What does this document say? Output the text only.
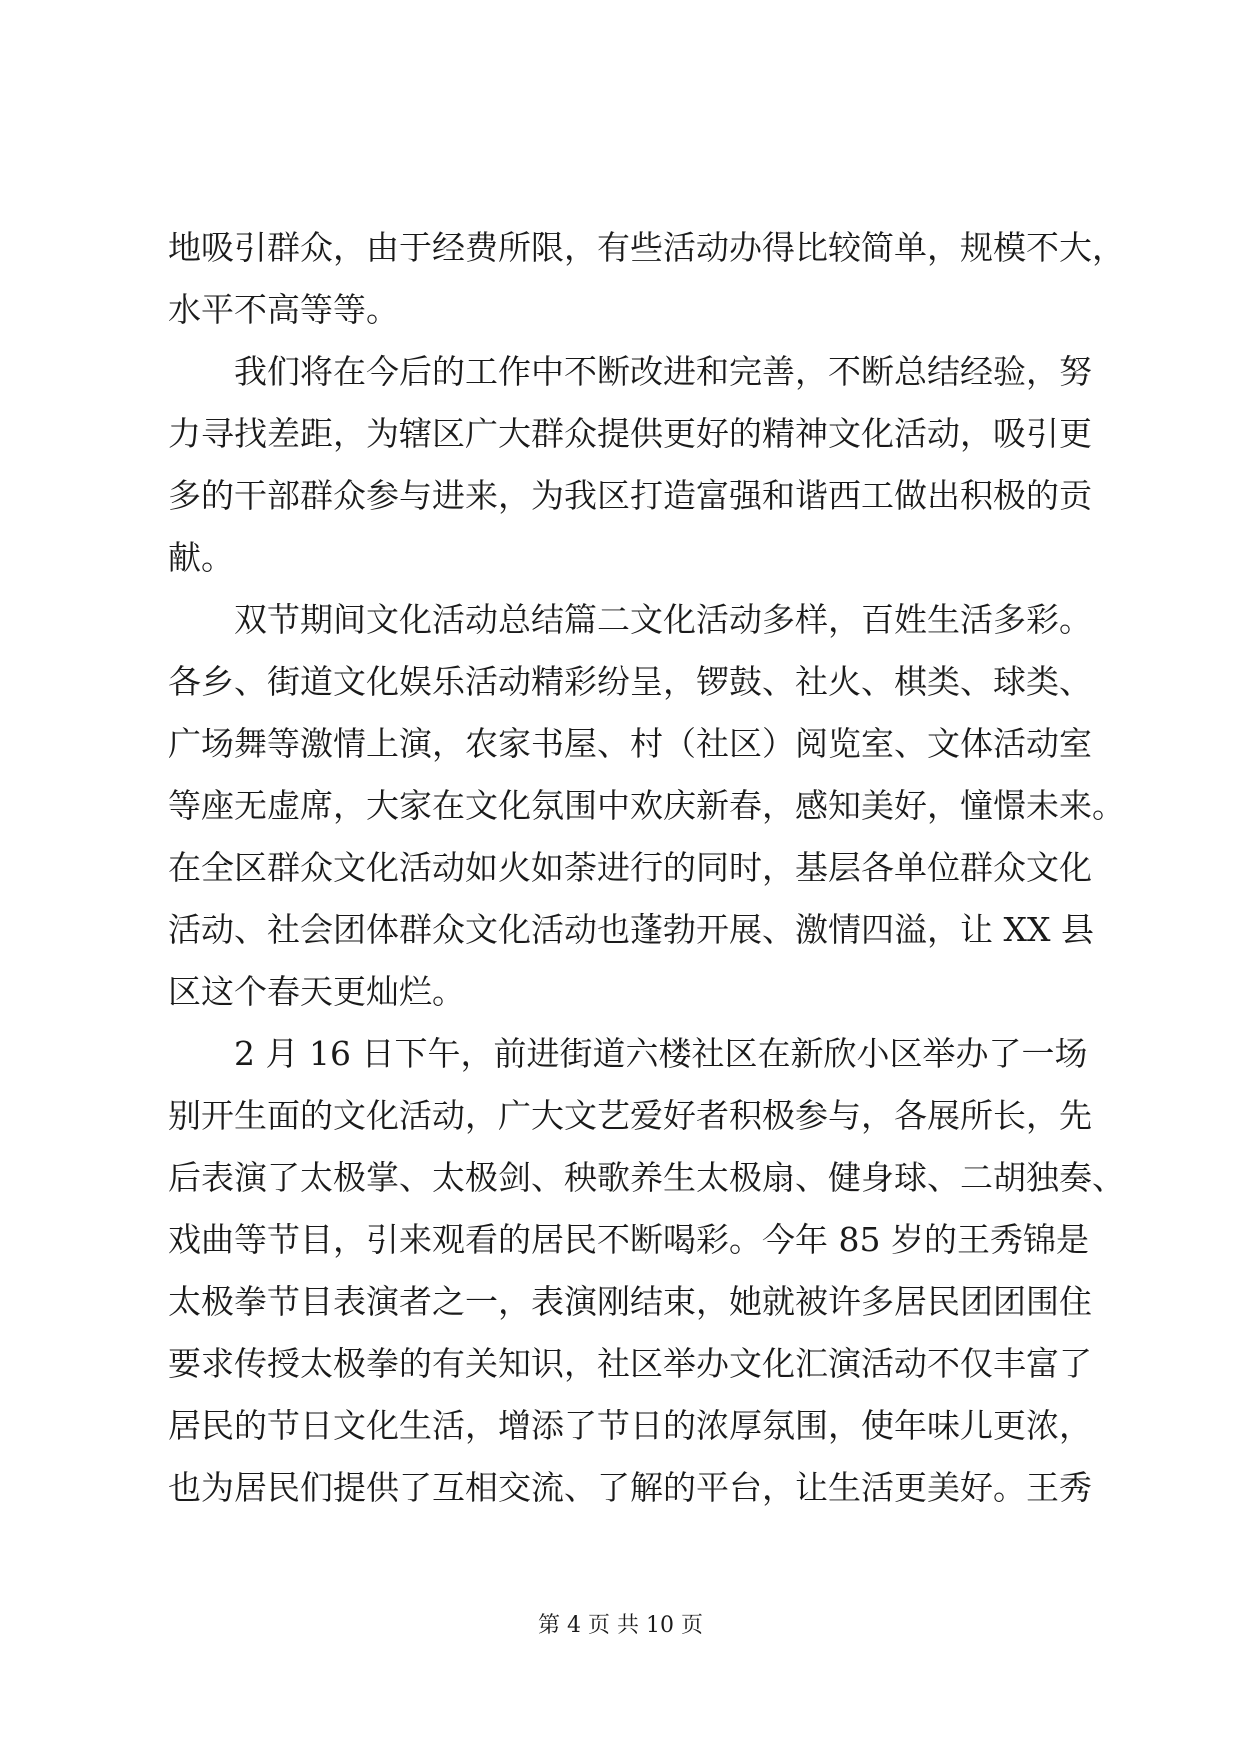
地吸引群众，由于经费所限，有些活动办得比较简单，规模不大，
水平不高等等。
我们将在今后的工作中不断改进和完善，不断总结经验，努
力寻找差距，为辖区广大群众提供更好的精神文化活动，吸引更
多的干部群众参与进来，为我区打造富强和谐西工做出积极的贡
献。
双节期间文化活动总结篇二文化活动多样，百姓生活多彩。
各乡、街道文化娱乐活动精彩纷呈，锣鼓、社火、棋类、球类、
广场舞等激情上演，农家书屋、村（社区）阅览室、文体活动室
等座无虚席，大家在文化氛围中欢庆新春，感知美好，憧憬未来。
在全区群众文化活动如火如荼进行的同时，基层各单位群众文化
活动、社会团体群众文化活动也蓬勃开展、激情四溢，让 XX 县
区这个春天更灿烂。
2 月 16 日下午，前进街道六楼社区在新欣小区举办了一场
别开生面的文化活动，广大文艺爱好者积极参与，各展所长，先
后表演了太极掌、太极剑、秧歌养生太极扇、健身球、二胡独奏、
戏曲等节目，引来观看的居民不断喝彩。今年 85 岁的王秀锦是
太极拳节目表演者之一，表演刚结束，她就被许多居民团团围住
要求传授太极拳的有关知识，社区举办文化汇演活动不仅丰富了
居民的节日文化生活，增添了节日的浓厚氛围，使年味儿更浓，
也为居民们提供了互相交流、了解的平台，让生活更美好。王秀
第 4 页 共 10 页
